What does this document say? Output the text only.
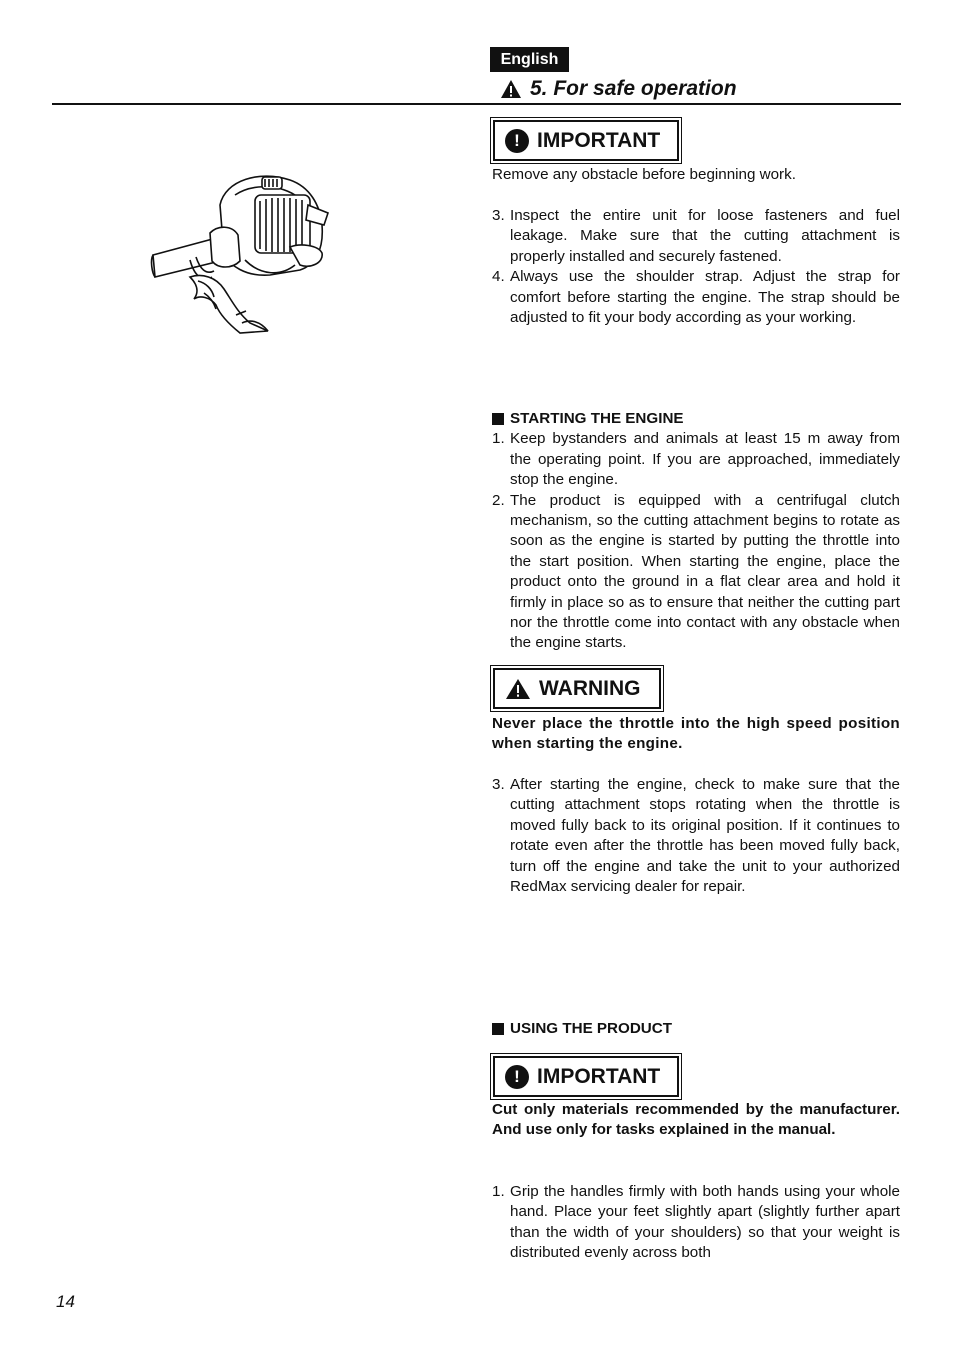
English
5. For safe operation
! IMPORTANT

Remove any obstacle before beginning work.

3. Inspect the entire unit for loose fasteners and fuel leakage. Make sure that the cutting attachment is properly installed and securely fastened.
4. Always use the shoulder strap. Adjust the strap for comfort before starting the engine. The strap should be adjusted to fit your body according as your working.
STARTING THE ENGINE
1. Keep bystanders and animals at least 15 m away from the operating point. If you are approached, immediately stop the engine.
2. The product is equipped with a centrifugal clutch mechanism, so the cutting attachment begins to rotate as soon as the engine is started by putting the throttle into the start position. When starting the engine, place the product onto the ground in a flat clear area and hold it firmly in place so as to ensure that neither the cutting part nor the throttle come into contact with any obstacle when the engine starts.
WARNING

Never place the throttle into the high speed position when starting the engine.

3. After starting the engine, check to make sure that the cutting attachment stops rotating when the throttle is moved fully back to its original position. If it continues to rotate even after the throttle has been moved fully back, turn off the engine and take the unit to your authorized RedMax servicing dealer for repair.
USING THE PRODUCT
! IMPORTANT

Cut only materials recommended by the manufacturer. And use only for tasks explained in the manual.

1. Grip the handles firmly with both hands using your whole hand. Place your feet slightly apart (slightly further apart than the width of your shoulders) so that your weight is distributed evenly across both
14
